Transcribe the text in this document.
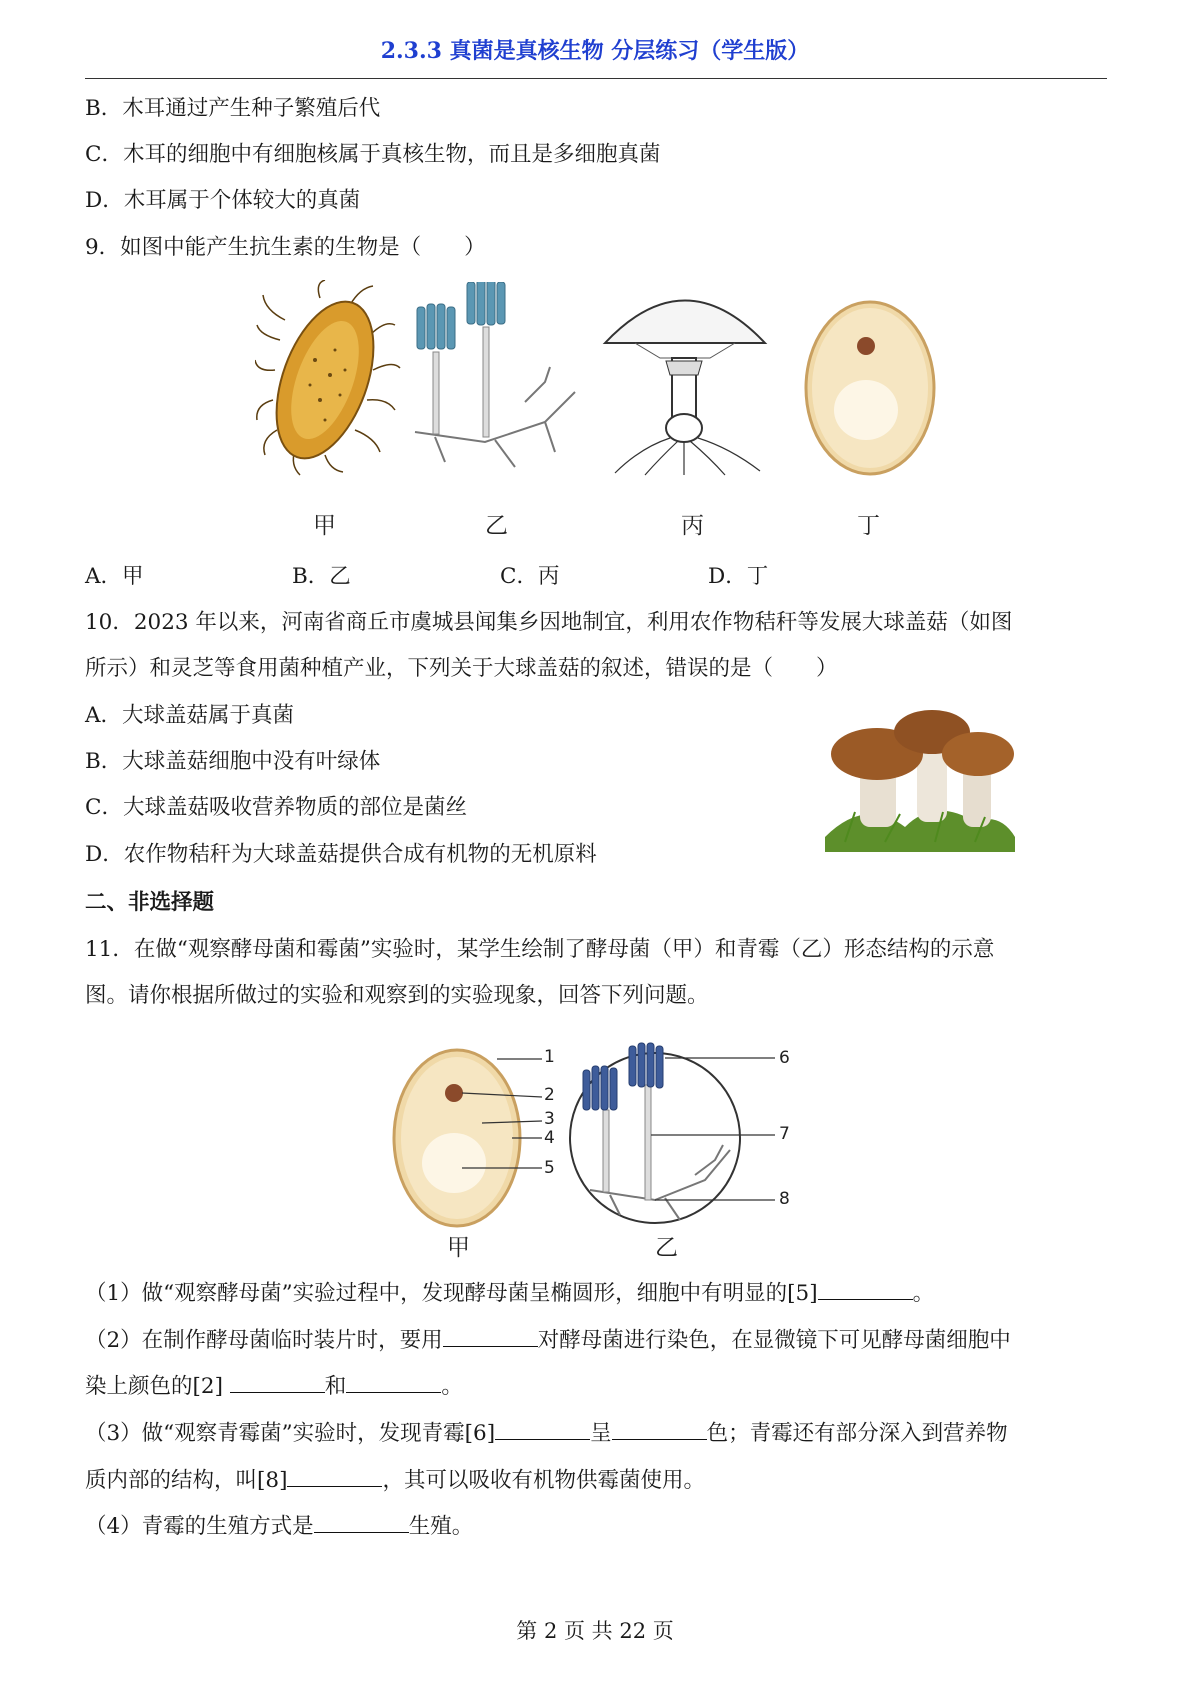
2.3.3 真菌是真核生物 分层练习（学生版）
B．木耳通过产生种子繁殖后代
C．木耳的细胞中有细胞核属于真核生物，而且是多细胞真菌
D．木耳属于个体较大的真菌
9．如图中能产生抗生素的生物是（　　）
甲	乙	丙	丁
A．甲	B．乙	C．丙	D．丁
10．2023 年以来，河南省商丘市虞城县闻集乡因地制宜，利用农作物秸秆等发展大球盖菇（如图
所示）和灵芝等食用菌种植产业，下列关于大球盖菇的叙述，错误的是（　　）
A．大球盖菇属于真菌
B．大球盖菇细胞中没有叶绿体
C．大球盖菇吸收营养物质的部位是菌丝
D．农作物秸秆为大球盖菇提供合成有机物的无机原料
二、非选择题
11．在做“观察酵母菌和霉菌”实验时，某学生绘制了酵母菌（甲）和青霉（乙）形态结构的示意
图。请你根据所做过的实验和观察到的实验现象，回答下列问题。
1
2
3
4
5
6
7
8
甲	乙
（1）做“观察酵母菌”实验过程中，发现酵母菌呈椭圆形，细胞中有明显的[5]	。
（2）在制作酵母菌临时装片时，要用	对酵母菌进行染色，在显微镜下可见酵母菌细胞中
染上颜色的[2]	和	。
（3）做“观察青霉菌”实验时，发现青霉[6]	呈	色；青霉还有部分深入到营养物
质内部的结构，叫[8]	，其可以吸收有机物供霉菌使用。
（4）青霉的生殖方式是	生殖。
第 2 页 共 22 页
